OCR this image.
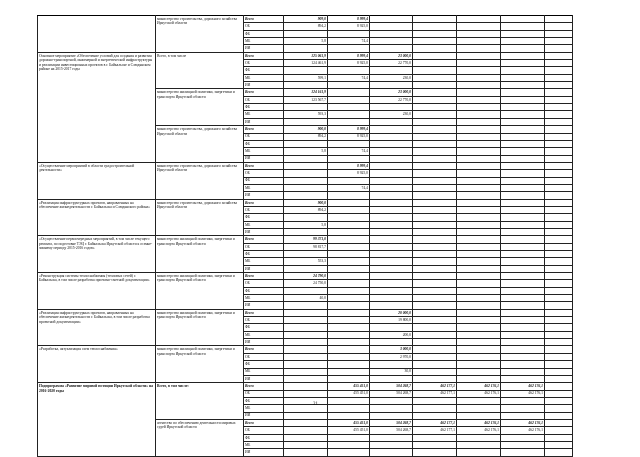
	министерство строительства, дорожного хозяйства Иркутской области	Всего	909,0	8 999,4					
		ОБ	894,2	8 925,0					
		ФБ							
		МБ	5,8	74,4					
		ИИ							
Основное мероприятие «Обеспечение условий для создания и развития дорожно-транспортной, инженерной и энергетической инфраструктуры и реализации инвестиционных проектов в г. Байкальске и Слюдянском районе на 2015-2017 годы	Всего, в том числе	Всего	125 061,9	8 999,4	23 000,0				
		ОБ	124 461,9	8 925,0	22 770,0				
		ФБ							
		МБ	599,1	74,4	230,0				
		ИИ							
	министерство жилищной политики, энергетики и транспорта Иркутской области	Всего	124 161,9		23 000,0				
		ОБ	123 567,7		22 770,0				
		ФБ							
		МБ	593,3		230,0				
		ИИ							
	министерство строительства, дорожного хозяйства Иркутской области	Всего	900,0	8 999,4					
		ОБ	894,2	8 925,0					
		ФБ							
		МБ	5,8	74,4					
		ИИ							
«Осуществление мероприятий в области градостроительной деятельности»	министерство строительства, дорожного хозяйства Иркутской области	Всего		8 999,4					
		ОБ		8 925,0					
		ФБ							
		МБ		74,4					
		ИИ							
«Реализация инфраструктурных проектов, направленных на обеспечение жизнедеятельности г. Байкальска и Слюдянского района»	министерство строительства, дорожного хозяйства Иркутской области	Всего	900,0						
		ОБ	894,2						
		ФБ							
		МБ	5,8						
		ИИ							
«Осуществление первоочередных мероприятий, в том числе текущего ремонта, по подготовке ТЭЦ г. Байкальска Иркутской области к осенне-зимнему периоду 2015-2016 годов»	министерство жилищной политики, энергетики и транспорта Иркутской области	Всего	99 371,0						
		ОБ	98 817,7						
		ФБ							
		МБ	553,3						
		ИИ							
«Реконструкция системы теплоснабжения (тепловых сетей) г. Байкальска, в том числе разработка проектно-сметной документации»	министерство жилищной политики, энергетики и транспорта Иркутской области	Всего	24 790,0						
		ОБ	24 750,0						
		ФБ							
		МБ	40,0						
		ИИ							
«Реализация инфраструктурных проектов, направленных на обеспечение жизнедеятельности г. Байкальска, в том числе разработка проектной документации»	министерство жилищной политики, энергетики и транспорта Иркутской области	Всего			20 000,0				
		ОБ			19 800,0				
		ФБ							
		МБ			200,0				
		ИИ							
«Разработка, актуализация схем теплоснабжения»	министерство жилищной политики, энергетики и транспорта Иркутской области	Всего			3 000,0				
		ОБ			2 970,0				
		ФБ							
		МБ			30,0				
		ИИ							
Подпрограмма «Развитие мировой юстиции Иркутской области» на 2016-2020 годы	Всего, в том числе:	Всего		455 451,0	504 268,7	462 177,1	462 176,1	462 176,1	
		ОБ		455 451,0	504 268,7	462 177,1	462 176,1	462 176,1	
		ФБ							
		МБ							
		ИИ							
	агентство по обеспечению деятельности мировых судей Иркутской области	Всего		455 451,0	504 268,7	462 177,1	462 176,1	462 176,1	
		ОБ		455 451,0	504 268,7	462 177,1	462 176,1	462 176,1	
		ФБ							
		МБ							
		ИИ							
21
